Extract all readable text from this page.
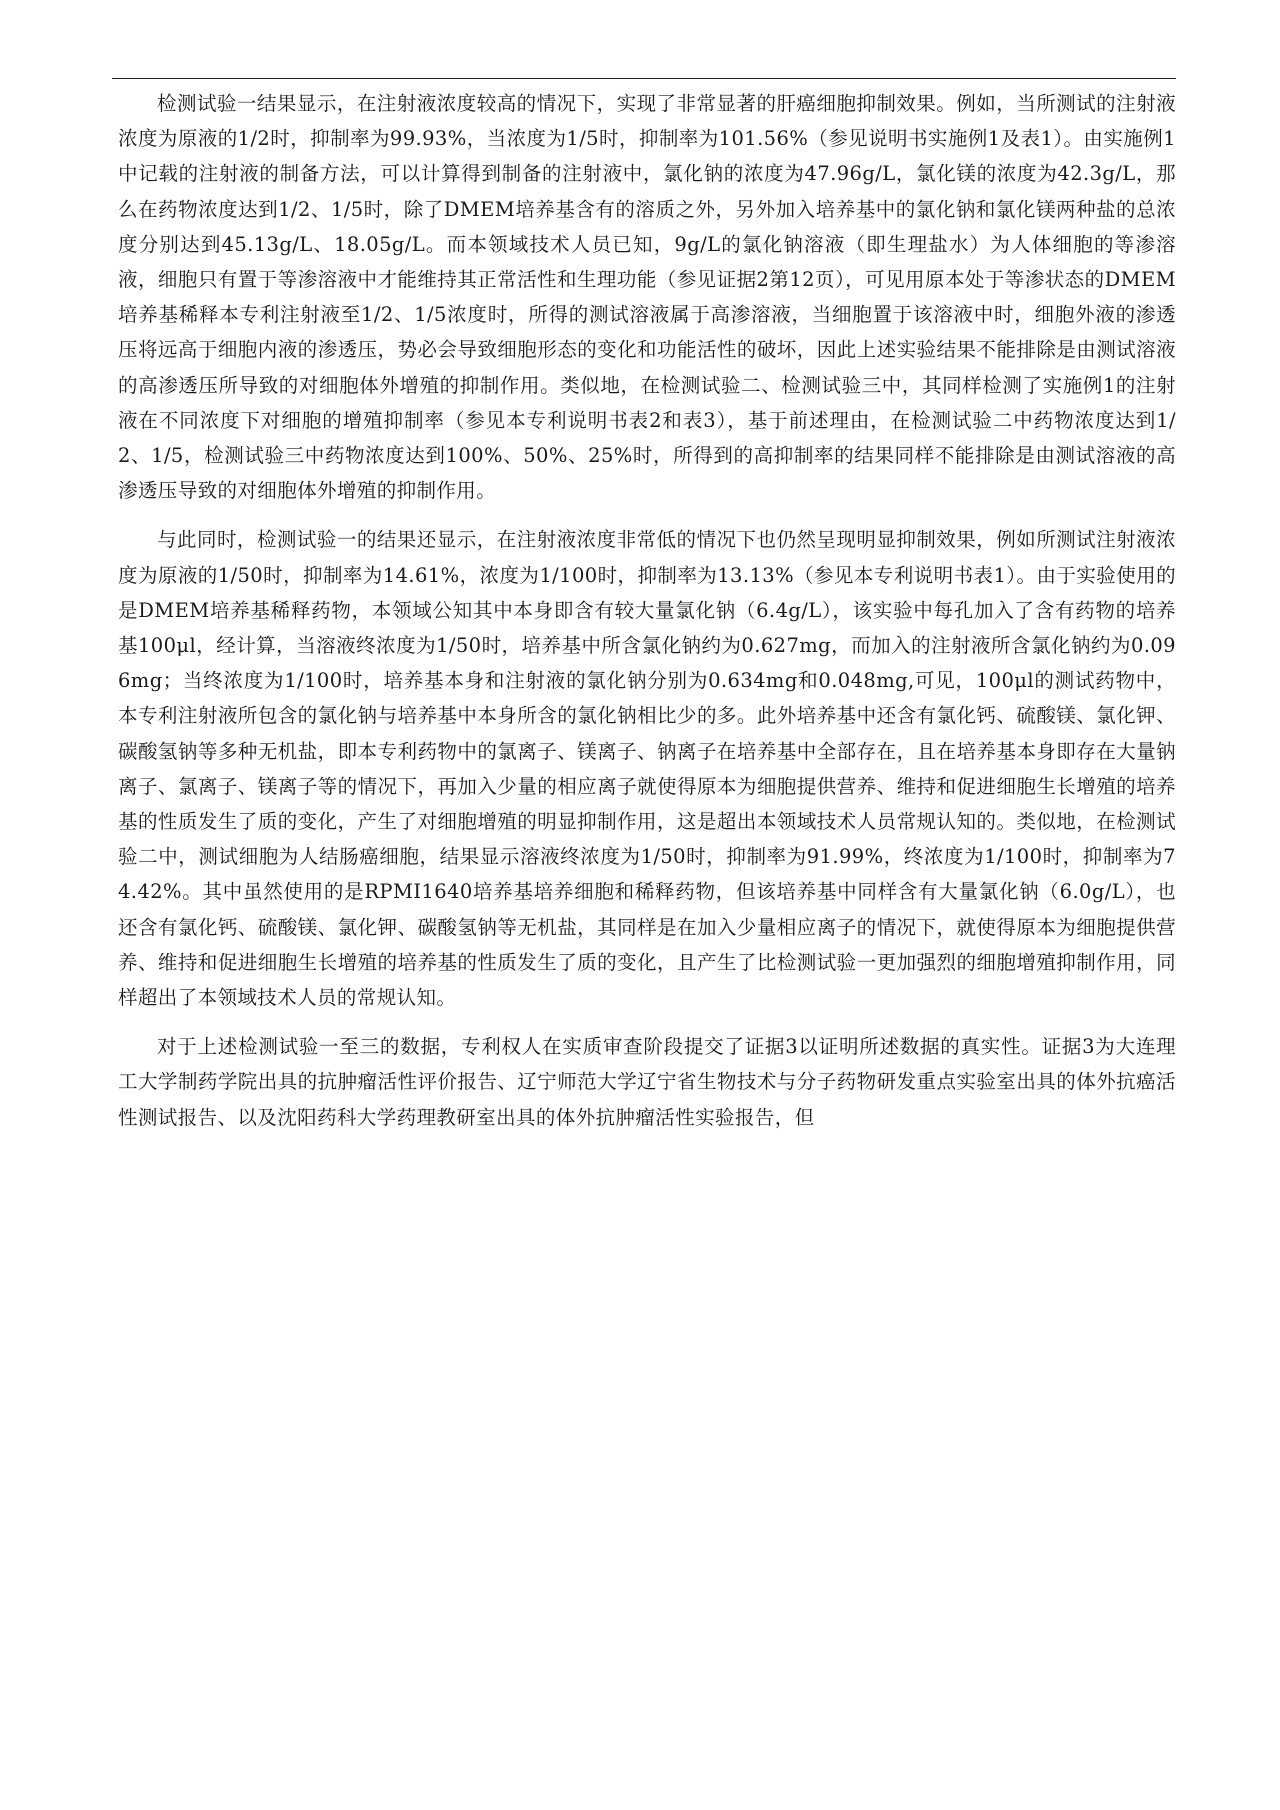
检测试验一结果显示，在注射液浓度较高的情况下，实现了非常显著的肝癌细胞抑制效果。例如，当所测试的注射液浓度为原液的1/2时，抑制率为99.93%，当浓度为1/5时，抑制率为101.56%（参见说明书实施例1及表1）。由实施例1中记载的注射液的制备方法，可以计算得到制备的注射液中，氯化钠的浓度为47.96g/L，氯化镁的浓度为42.3g/L，那么在药物浓度达到1/2、1/5时，除了DMEM培养基含有的溶质之外，另外加入培养基中的氯化钠和氯化镁两种盐的总浓度分别达到45.13g/L、18.05g/L。而本领域技术人员已知，9g/L的氯化钠溶液（即生理盐水）为人体细胞的等渗溶液，细胞只有置于等渗溶液中才能维持其正常活性和生理功能（参见证据2第12页），可见用原本处于等渗状态的DMEM培养基稀释本专利注射液至1/2、1/5浓度时，所得的测试溶液属于高渗溶液，当细胞置于该溶液中时，细胞外液的渗透压将远高于细胞内液的渗透压，势必会导致细胞形态的变化和功能活性的破坏，因此上述实验结果不能排除是由测试溶液的高渗透压所导致的对细胞体外增殖的抑制作用。类似地，在检测试验二、检测试验三中，其同样检测了实施例1的注射液在不同浓度下对细胞的增殖抑制率（参见本专利说明书表2和表3），基于前述理由，在检测试验二中药物浓度达到1/2、1/5，检测试验三中药物浓度达到100%、50%、25%时，所得到的高抑制率的结果同样不能排除是由测试溶液的高渗透压导致的对细胞体外增殖的抑制作用。

与此同时，检测试验一的结果还显示，在注射液浓度非常低的情况下也仍然呈现明显抑制效果，例如所测试注射液浓度为原液的1/50时，抑制率为14.61%，浓度为1/100时，抑制率为13.13%（参见本专利说明书表1）。由于实验使用的是DMEM培养基稀释药物，本领域公知其中本身即含有较大量氯化钠（6.4g/L），该实验中每孔加入了含有药物的培养基100μl，经计算，当溶液终浓度为1/50时，培养基中所含氯化钠约为0.627mg，而加入的注射液所含氯化钠约为0.096mg；当终浓度为1/100时，培养基本身和注射液的氯化钠分别为0.634mg和0.048mg,可见，100μl的测试药物中，本专利注射液所包含的氯化钠与培养基中本身所含的氯化钠相比少的多。此外培养基中还含有氯化钙、硫酸镁、氯化钾、碳酸氢钠等多种无机盐，即本专利药物中的氯离子、镁离子、钠离子在培养基中全部存在，且在培养基本身即存在大量钠离子、氯离子、镁离子等的情况下，再加入少量的相应离子就使得原本为细胞提供营养、维持和促进细胞生长增殖的培养基的性质发生了质的变化，产生了对细胞增殖的明显抑制作用，这是超出本领域技术人员常规认知的。类似地，在检测试验二中，测试细胞为人结肠癌细胞，结果显示溶液终浓度为1/50时，抑制率为91.99%，终浓度为1/100时，抑制率为74.42%。其中虽然使用的是RPMI1640培养基培养细胞和稀释药物，但该培养基中同样含有大量氯化钠（6.0g/L），也还含有氯化钙、硫酸镁、氯化钾、碳酸氢钠等无机盐，其同样是在加入少量相应离子的情况下，就使得原本为细胞提供营养、维持和促进细胞生长增殖的培养基的性质发生了质的变化，且产生了比检测试验一更加强烈的细胞增殖抑制作用，同样超出了本领域技术人员的常规认知。

对于上述检测试验一至三的数据，专利权人在实质审查阶段提交了证据3以证明所述数据的真实性。证据3为大连理工大学制药学院出具的抗肿瘤活性评价报告、辽宁师范大学辽宁省生物技术与分子药物研发重点实验室出具的体外抗癌活性测试报告、以及沈阳药科大学药理教研室出具的体外抗肿瘤活性实验报告，但
